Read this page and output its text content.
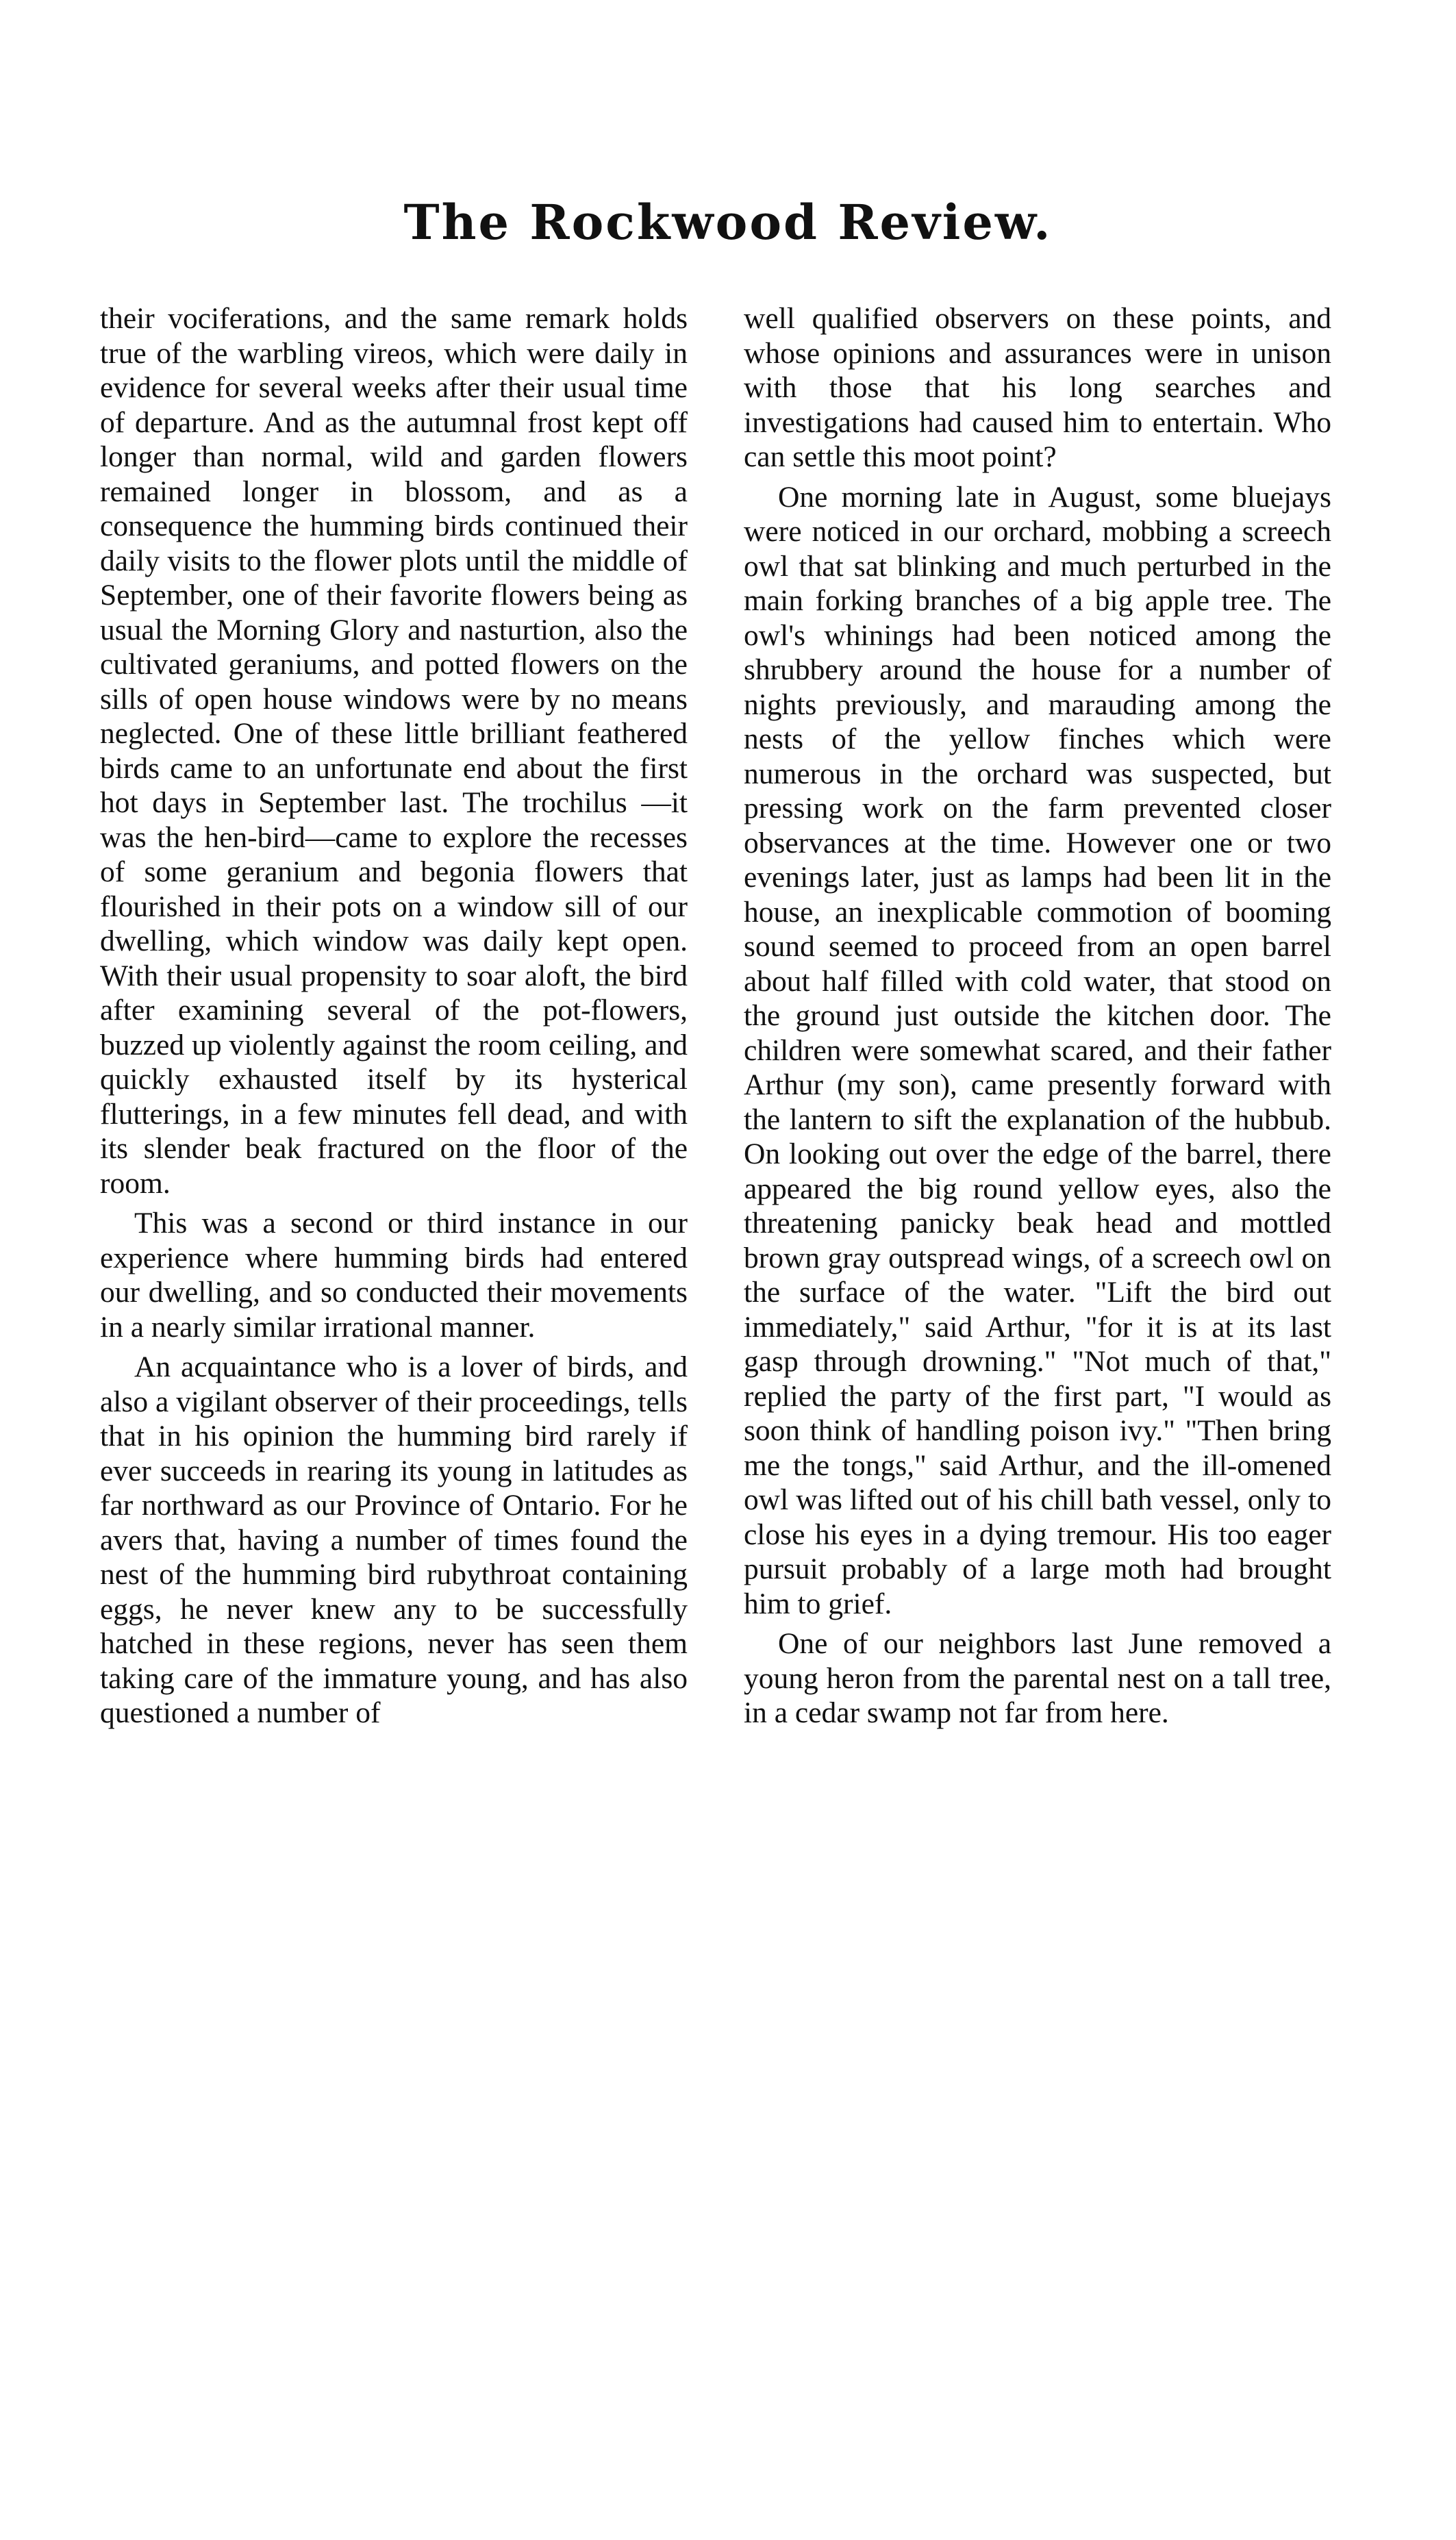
The Rockwood Review.

their vociferations, and the same remark holds true of the warbling vireos, which were daily in evidence for several weeks after their usual time of departure. And as the autumnal frost kept off longer than normal, wild and garden flowers remained longer in blossom, and as a consequence the humming birds continued their daily visits to the flower plots until the middle of September, one of their favorite flowers being as usual the Morning Glory and nasturtion, also the cultivated geraniums, and potted flowers on the sills of open house windows were by no means neglected. One of these little brilliant feathered birds came to an unfortunate end about the first hot days in September last. The trochilus —it was the hen-bird—came to explore the recesses of some geranium and begonia flowers that flourished in their pots on a window sill of our dwelling, which window was daily kept open. With their usual propensity to soar aloft, the bird after examining several of the pot-flowers, buzzed up violently against the room ceiling, and quickly exhausted itself by its hysterical flutterings, in a few minutes fell dead, and with its slender beak fractured on the floor of the room.

This was a second or third instance in our experience where humming birds had entered our dwelling, and so conducted their movements in a nearly similar irrational manner.

An acquaintance who is a lover of birds, and also a vigilant observer of their proceedings, tells that in his opinion the humming bird rarely if ever succeeds in rearing its young in latitudes as far northward as our Province of Ontario. For he avers that, having a number of times found the nest of the humming bird rubythroat containing eggs, he never knew any to be successfully hatched in these regions, never has seen them taking care of the immature young, and has also questioned a number of

well qualified observers on these points, and whose opinions and assurances were in unison with those that his long searches and investigations had caused him to entertain. Who can settle this moot point?

One morning late in August, some bluejays were noticed in our orchard, mobbing a screech owl that sat blinking and much perturbed in the main forking branches of a big apple tree. The owl's whinings had been noticed among the shrubbery around the house for a number of nights previously, and marauding among the nests of the yellow finches which were numerous in the orchard was suspected, but pressing work on the farm prevented closer observances at the time. However one or two evenings later, just as lamps had been lit in the house, an inexplicable commotion of booming sound seemed to proceed from an open barrel about half filled with cold water, that stood on the ground just outside the kitchen door. The children were somewhat scared, and their father Arthur (my son), came presently forward with the lantern to sift the explanation of the hubbub. On looking out over the edge of the barrel, there appeared the big round yellow eyes, also the threatening panicky beak head and mottled brown gray outspread wings, of a screech owl on the surface of the water. "Lift the bird out immediately," said Arthur, "for it is at its last gasp through drowning." "Not much of that," replied the party of the first part, "I would as soon think of handling poison ivy." "Then bring me the tongs," said Arthur, and the ill-omened owl was lifted out of his chill bath vessel, only to close his eyes in a dying tremour. His too eager pursuit probably of a large moth had brought him to grief.

One of our neighbors last June removed a young heron from the parental nest on a tall tree, in a cedar swamp not far from here.
